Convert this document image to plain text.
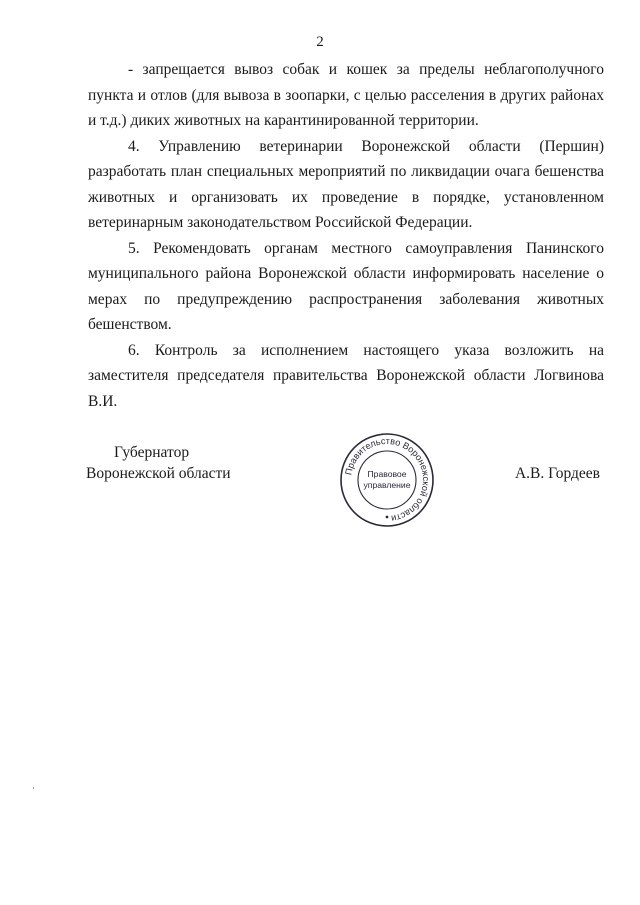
2

- запрещается вывоз собак и кошек за пределы неблагополучного пункта и отлов (для вывоза в зоопарки, с целью расселения в других районах и т.д.) диких животных на карантинированной территории.

4. Управлению ветеринарии Воронежской области (Першин) разработать план специальных мероприятий по ликвидации очага бешенства животных и организовать их проведение в порядке, установленном ветеринарным законодательством Российской Федерации.

5. Рекомендовать органам местного самоуправления Панинского муниципального района Воронежской области информировать население о мерах по предупреждению распространения заболевания животных бешенством.

6. Контроль за исполнением настоящего указа возложить на заместителя председателя правительства Воронежской области Логвинова В.И.

Губернатор
Воронежской области	Правительство Воронежской области
Правовое
управление
А.В. Гордеев
